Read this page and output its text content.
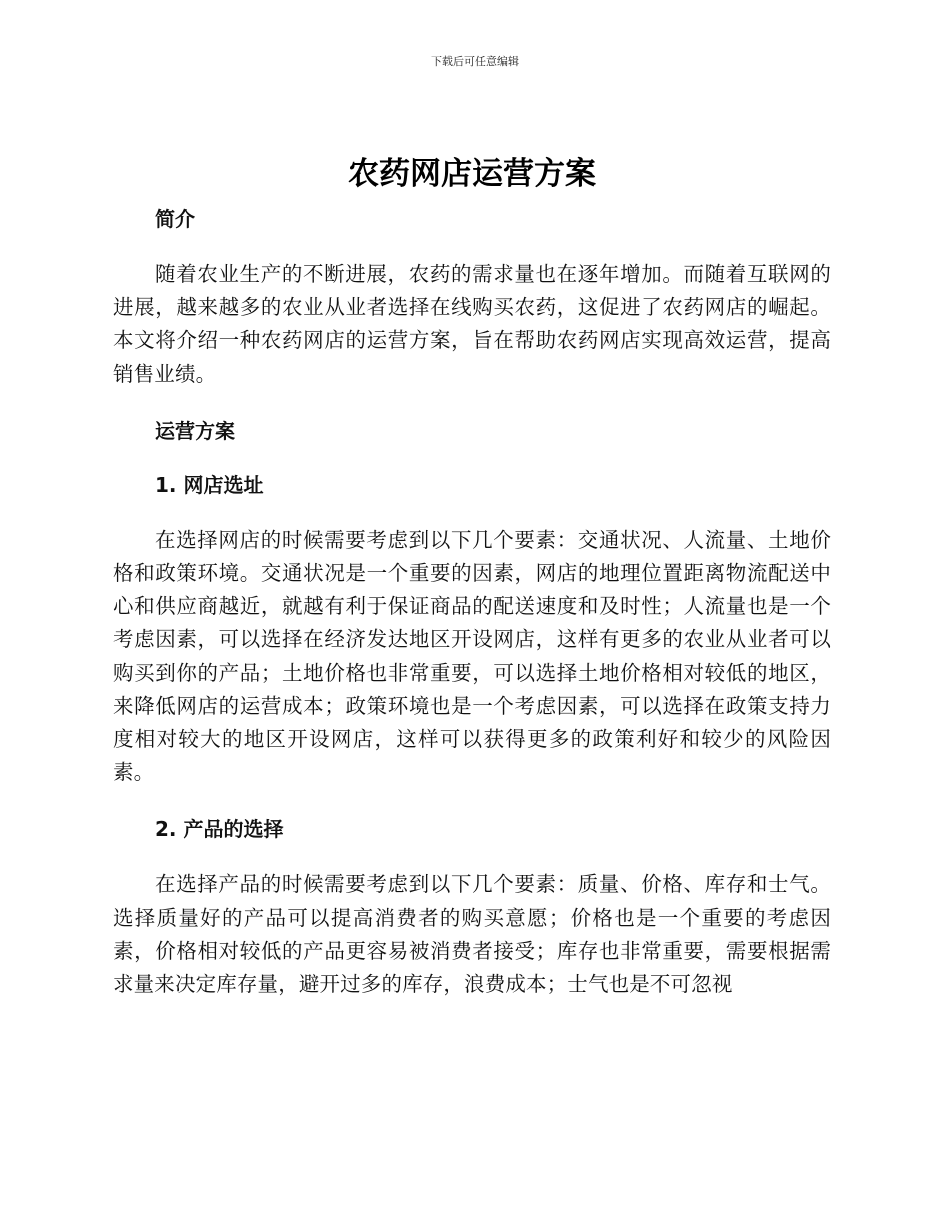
下载后可任意编辑
农药网店运营方案
简介

随着农业生产的不断进展，农药的需求量也在逐年增加。而随着互联网的进展，越来越多的农业从业者选择在线购买农药，这促进了农药网店的崛起。本文将介绍一种农药网店的运营方案，旨在帮助农药网店实现高效运营，提高销售业绩。

运营方案
1. 网店选址

在选择网店的时候需要考虑到以下几个要素：交通状况、人流量、土地价格和政策环境。交通状况是一个重要的因素，网店的地理位置距离物流配送中心和供应商越近，就越有利于保证商品的配送速度和及时性；人流量也是一个考虑因素，可以选择在经济发达地区开设网店，这样有更多的农业从业者可以购买到你的产品；土地价格也非常重要，可以选择土地价格相对较低的地区，来降低网店的运营成本；政策环境也是一个考虑因素，可以选择在政策支持力度相对较大的地区开设网店，这样可以获得更多的政策利好和较少的风险因素。

2. 产品的选择

在选择产品的时候需要考虑到以下几个要素：质量、价格、库存和士气。选择质量好的产品可以提高消费者的购买意愿；价格也是一个重要的考虑因素，价格相对较低的产品更容易被消费者接受；库存也非常重要，需要根据需求量来决定库存量，避开过多的库存，浪费成本；士气也是不可忽视
